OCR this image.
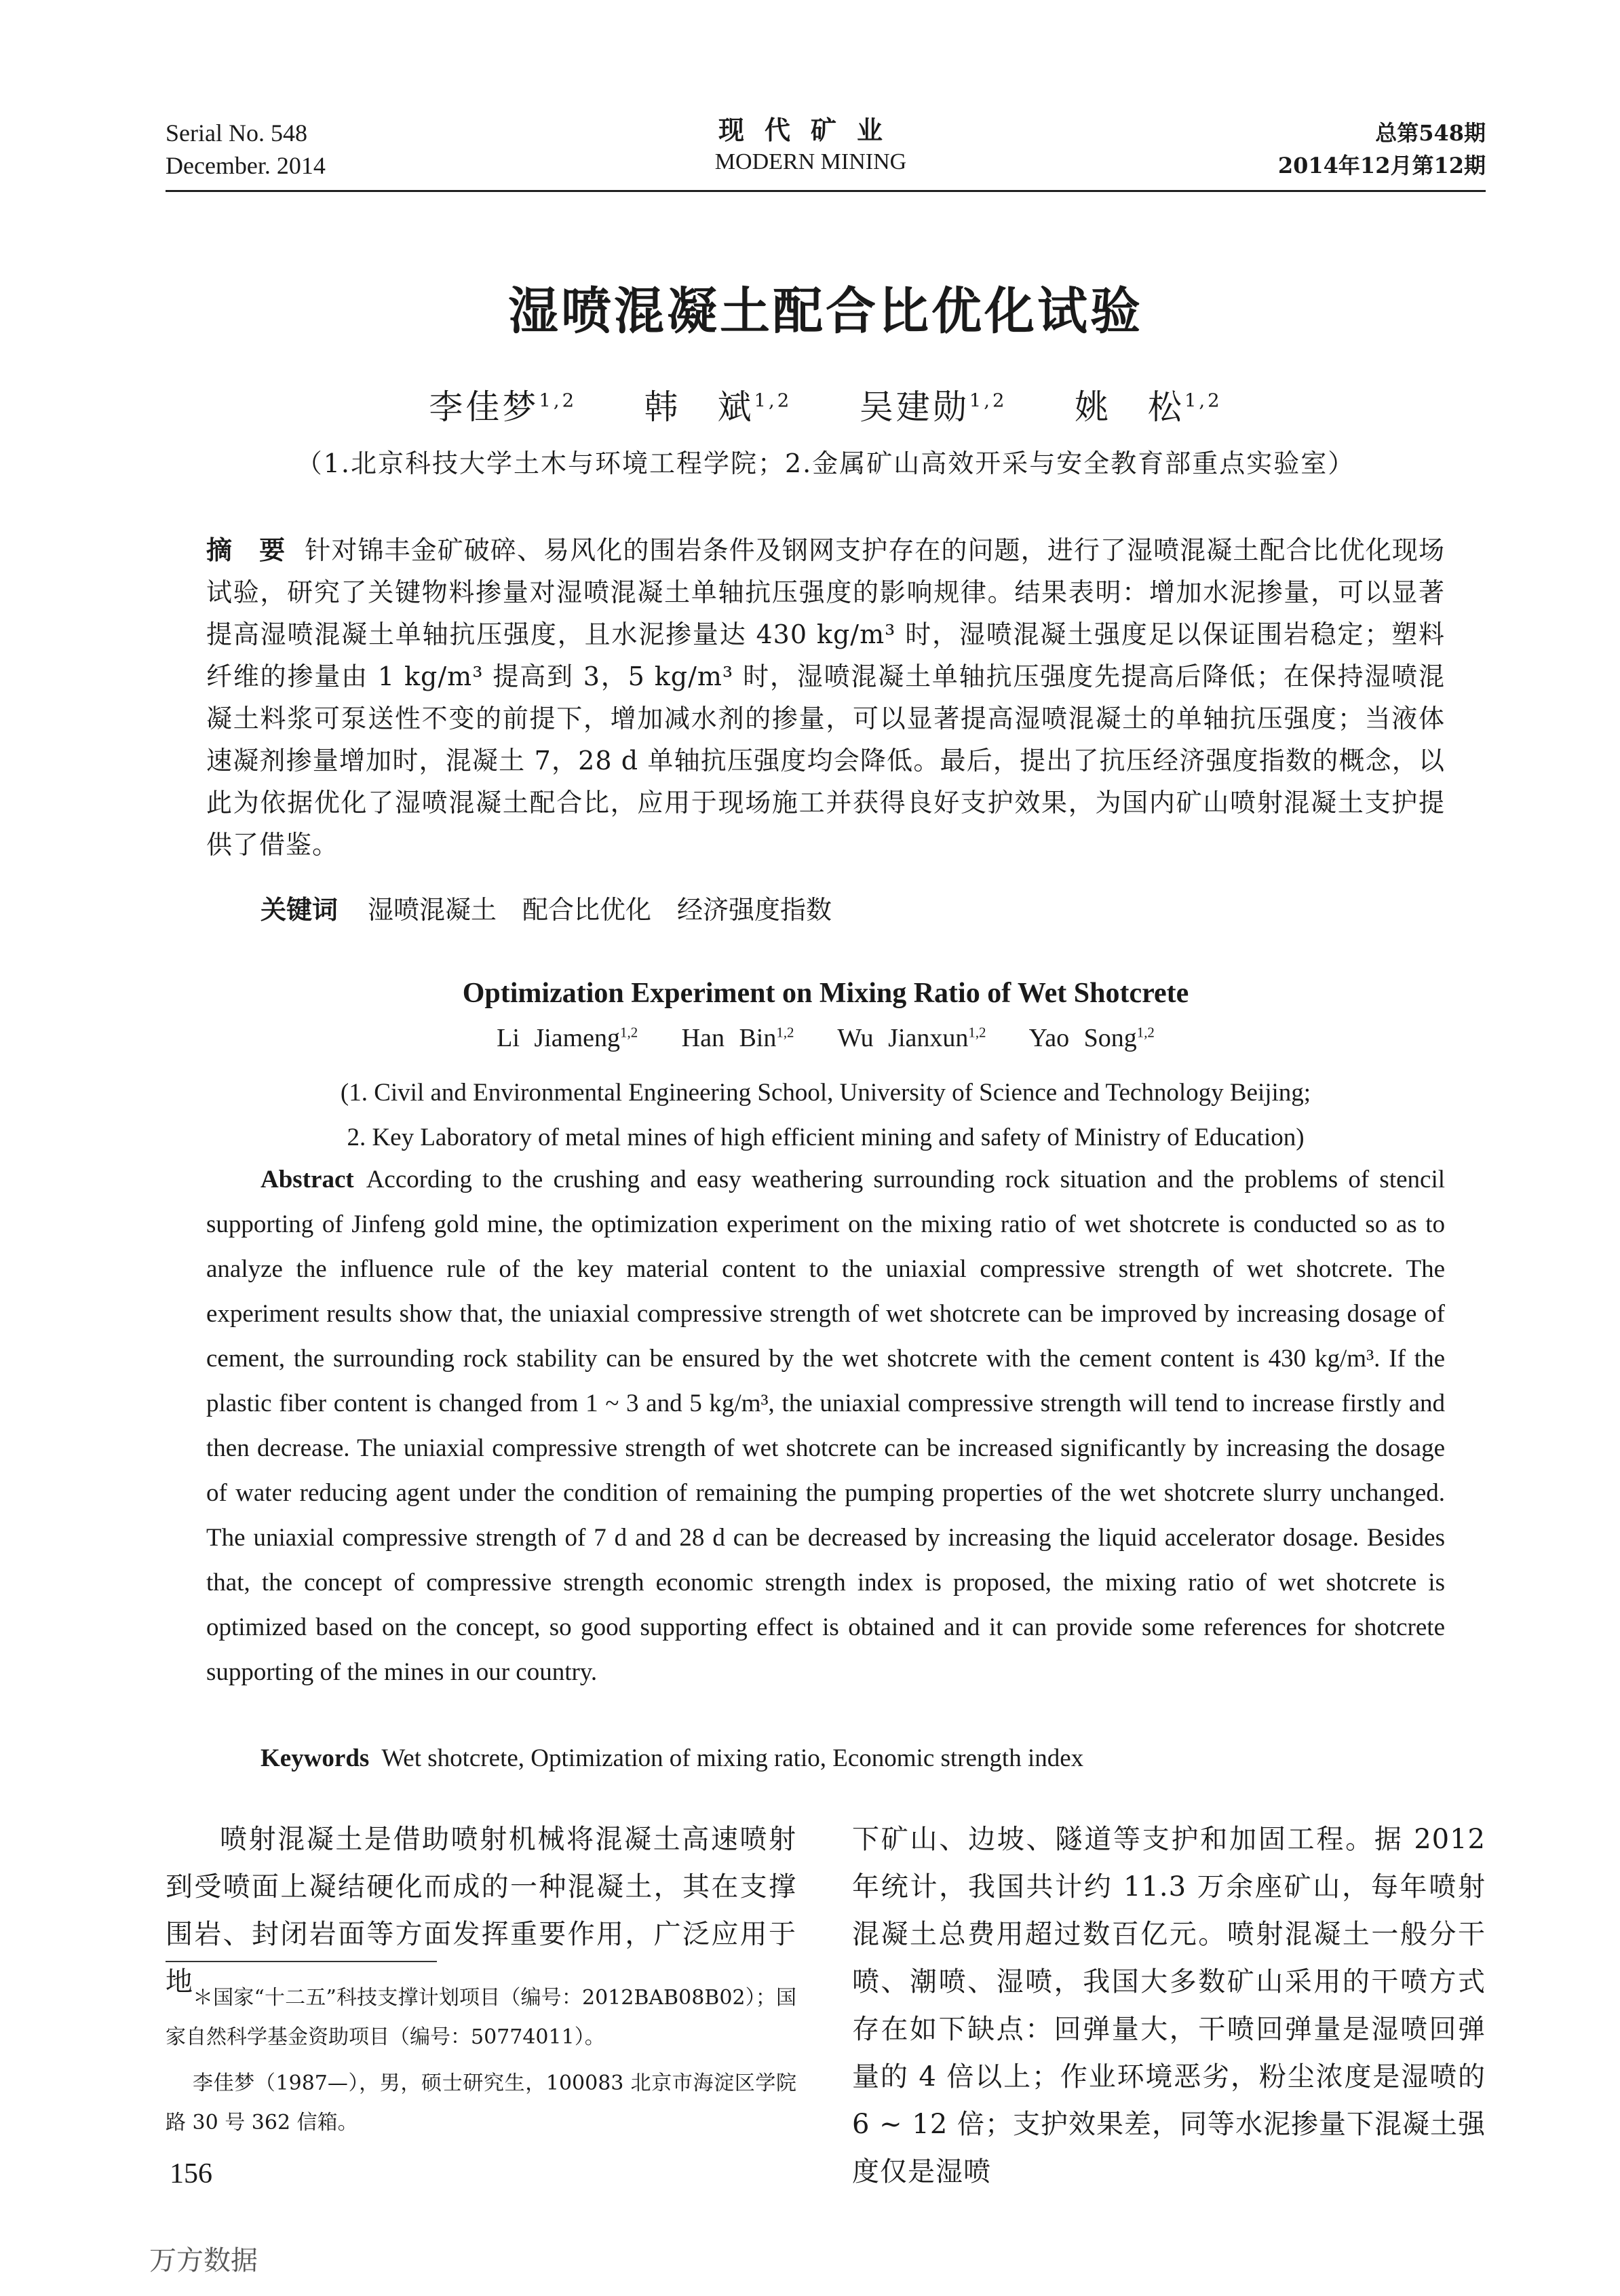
Serial No. 548
December. 2014
现代矿业
MODERN MINING
总第548期
2014年12月第12期
湿喷混凝土配合比优化试验
李佳梦$^{1,2}$ 韩　斌$^{1,2}$ 吴建勋$^{1,2}$ 姚　松$^{1,2}$
（1.北京科技大学土木与环境工程学院；2.金属矿山高效开采与安全教育部重点实验室）
摘　要 针对锦丰金矿破碎、易风化的围岩条件及钢网支护存在的问题，进行了湿喷混凝土配合比优化现场试验，研究了关键物料掺量对湿喷混凝土单轴抗压强度的影响规律。结果表明：增加水泥掺量，可以显著提高湿喷混凝土单轴抗压强度，且水泥掺量达 430 kg/m³ 时，湿喷混凝土强度足以保证围岩稳定；塑料纤维的掺量由 1 kg/m³ 提高到 3，5 kg/m³ 时，湿喷混凝土单轴抗压强度先提高后降低；在保持湿喷混凝土料浆可泵送性不变的前提下，增加减水剂的掺量，可以显著提高湿喷混凝土的单轴抗压强度；当液体速凝剂掺量增加时，混凝土 7，28 d 单轴抗压强度均会降低。最后，提出了抗压经济强度指数的概念，以此为依据优化了湿喷混凝土配合比，应用于现场施工并获得良好支护效果，为国内矿山喷射混凝土支护提供了借鉴。
关键词 湿喷混凝土　配合比优化　经济强度指数
Optimization Experiment on Mixing Ratio of Wet Shotcrete
Li Jiameng$^{1,2}$ Han Bin$^{1,2}$ Wu Jianxun$^{1,2}$ Yao Song$^{1,2}$
(1. Civil and Environmental Engineering School, University of Science and Technology Beijing;
2. Key Laboratory of metal mines of high efficient mining and safety of Ministry of Education)
Abstract According to the crushing and easy weathering surrounding rock situation and the problems of stencil supporting of Jinfeng gold mine, the optimization experiment on the mixing ratio of wet shotcrete is conducted so as to analyze the influence rule of the key material content to the uniaxial compressive strength of wet shotcrete. The experiment results show that, the uniaxial compressive strength of wet shotcrete can be improved by increasing dosage of cement, the surrounding rock stability can be ensured by the wet shotcrete with the cement content is 430 kg/m³. If the plastic fiber content is changed from 1 ~ 3 and 5 kg/m³, the uniaxial compressive strength will tend to increase firstly and then decrease. The uniaxial compressive strength of wet shotcrete can be increased significantly by increasing the dosage of water reducing agent under the condition of remaining the pumping properties of the wet shotcrete slurry unchanged. The uniaxial compressive strength of 7 d and 28 d can be decreased by increasing the liquid accelerator dosage. Besides that, the concept of compressive strength economic strength index is proposed, the mixing ratio of wet shotcrete is optimized based on the concept, so good supporting effect is obtained and it can provide some references for shotcrete supporting of the mines in our country.
Keywords Wet shotcrete, Optimization of mixing ratio, Economic strength index
喷射混凝土是借助喷射机械将混凝土高速喷射到受喷面上凝结硬化而成的一种混凝土，其在支撑围岩、封闭岩面等方面发挥重要作用，广泛应用于地
下矿山、边坡、隧道等支护和加固工程。据 2012 年统计，我国共计约 11.3 万余座矿山，每年喷射混凝土总费用超过数百亿元。喷射混凝土一般分干喷、潮喷、湿喷，我国大多数矿山采用的干喷方式存在如下缺点：回弹量大，干喷回弹量是湿喷回弹量的 4 倍以上；作业环境恶劣，粉尘浓度是湿喷的 6 ~ 12 倍；支护效果差，同等水泥掺量下混凝土强度仅是湿喷
＊国家“十二五”科技支撑计划项目（编号：2012BAB08B02）；国家自然科学基金资助项目（编号：50774011）。
李佳梦（1987—），男，硕士研究生，100083 北京市海淀区学院路 30 号 362 信箱。
156
万方数据
